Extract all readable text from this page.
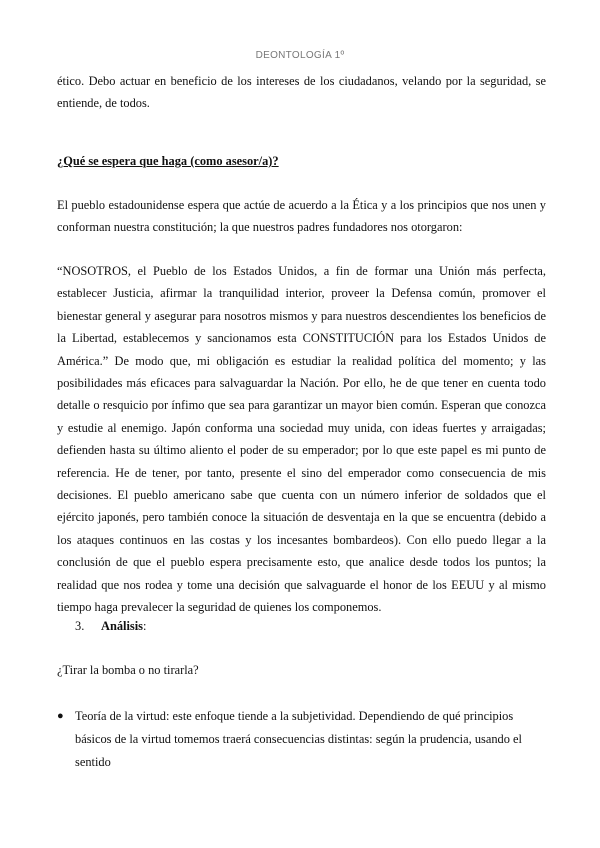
DEONTOLOGÍA 1º

ético. Debo actuar en beneficio de los intereses de los ciudadanos, velando por la seguridad, se entiende, de todos.

¿Qué se espera que haga (como asesor/a)?

El pueblo estadounidense espera que actúe de acuerdo a la Ética y a los principios que nos unen y conforman nuestra constitución; la que nuestros padres fundadores nos otorgaron:

“NOSOTROS, el Pueblo de los Estados Unidos, a fin de formar una Unión más perfecta, establecer Justicia, afirmar la tranquilidad interior, proveer la Defensa común, promover el bienestar general y asegurar para nosotros mismos y para nuestros descendientes los beneficios de la Libertad, establecemos y sancionamos esta CONSTITUCIÓN para los Estados Unidos de América.” De modo que, mi obligación es estudiar la realidad política del momento; y las posibilidades más eficaces para salvaguardar la Nación. Por ello, he de que tener en cuenta todo detalle o resquicio por ínfimo que sea para garantizar un mayor bien común. Esperan que conozca y estudie al enemigo. Japón conforma una sociedad muy unida, con ideas fuertes y arraigadas; defienden hasta su último aliento el poder de su emperador; por lo que este papel es mi punto de referencia. He de tener, por tanto, presente el sino del emperador como consecuencia de mis decisiones. El pueblo americano sabe que cuenta con un número inferior de soldados que el ejército japonés, pero también conoce la situación de desventaja en la que se encuentra (debido a los ataques continuos en las costas y los incesantes bombardeos). Con ello puedo llegar a la conclusión de que el pueblo espera precisamente esto, que analice desde todos los puntos; la realidad que nos rodea y tome una decisión que salvaguarde el honor de los EEUU y al mismo tiempo haga prevalecer la seguridad de quienes los componemos.

3. Análisis:
¿Tirar la bomba o no tirarla?
● Teoría de la virtud: este enfoque tiende a la subjetividad. Dependiendo de qué principios básicos de la virtud tomemos traerá consecuencias distintas: según la prudencia, usando el sentido
